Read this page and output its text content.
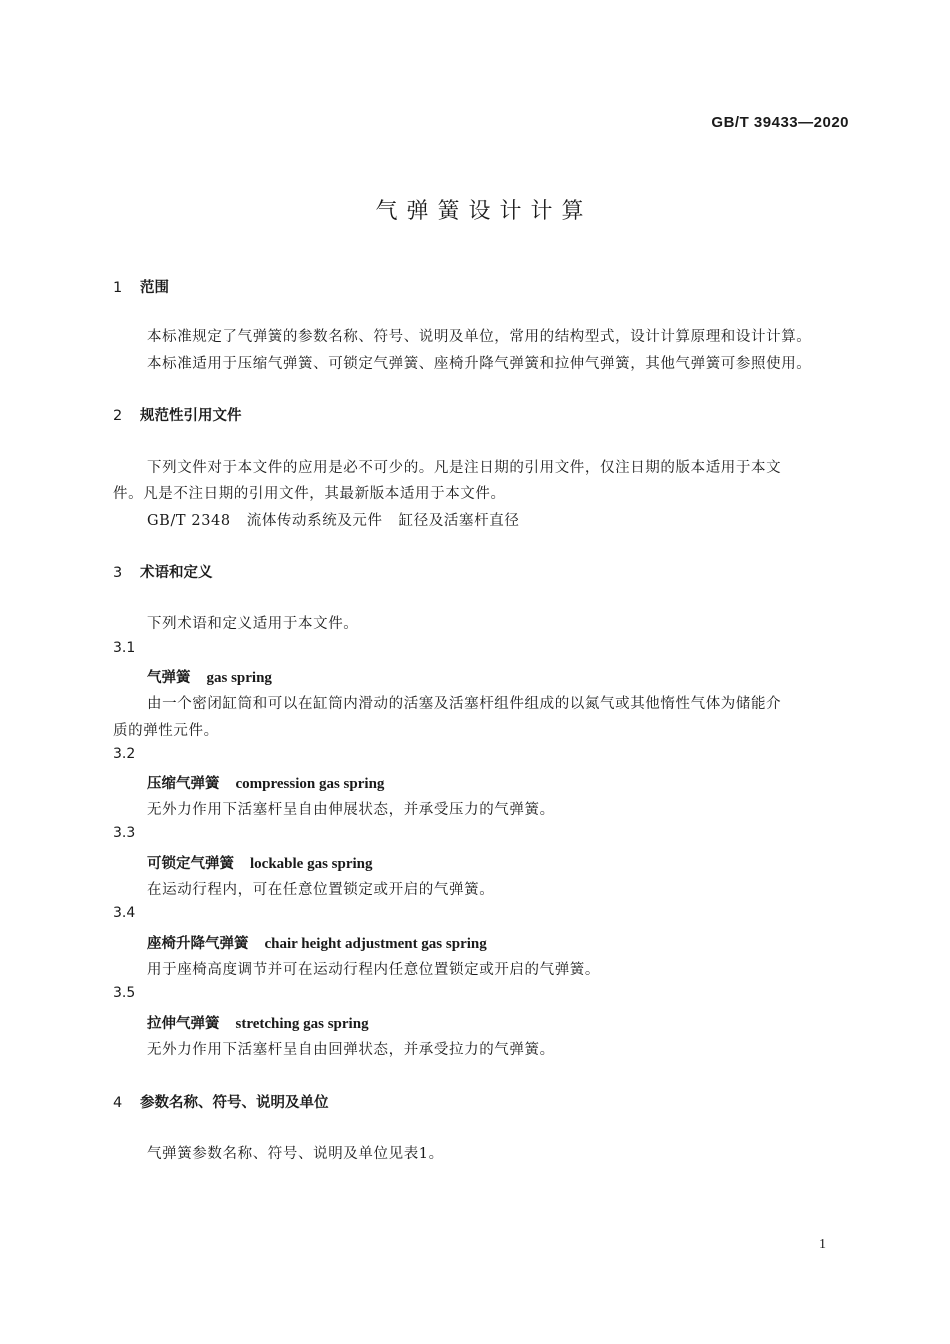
GB/T 39433—2020
气弹簧设计计算
1 范围
本标准规定了气弹簧的参数名称、符号、说明及单位，常用的结构型式，设计计算原理和设计计算。
本标准适用于压缩气弹簧、可锁定气弹簧、座椅升降气弹簧和拉伸气弹簧，其他气弹簧可参照使用。
2 规范性引用文件
下列文件对于本文件的应用是必不可少的。凡是注日期的引用文件，仅注日期的版本适用于本文
件。凡是不注日期的引用文件，其最新版本适用于本文件。
GB/T 2348 流体传动系统及元件 缸径及活塞杆直径
3 术语和定义
下列术语和定义适用于本文件。
3.1
气弹簧 gas spring
由一个密闭缸筒和可以在缸筒内滑动的活塞及活塞杆组件组成的以氮气或其他惰性气体为储能介
质的弹性元件。
3.2
压缩气弹簧 compression gas spring
无外力作用下活塞杆呈自由伸展状态，并承受压力的气弹簧。
3.3
可锁定气弹簧 lockable gas spring
在运动行程内，可在任意位置锁定或开启的气弹簧。
3.4
座椅升降气弹簧 chair height adjustment gas spring
用于座椅高度调节并可在运动行程内任意位置锁定或开启的气弹簧。
3.5
拉伸气弹簧 stretching gas spring
无外力作用下活塞杆呈自由回弹状态，并承受拉力的气弹簧。
4 参数名称、符号、说明及单位
气弹簧参数名称、符号、说明及单位见表1。
1
